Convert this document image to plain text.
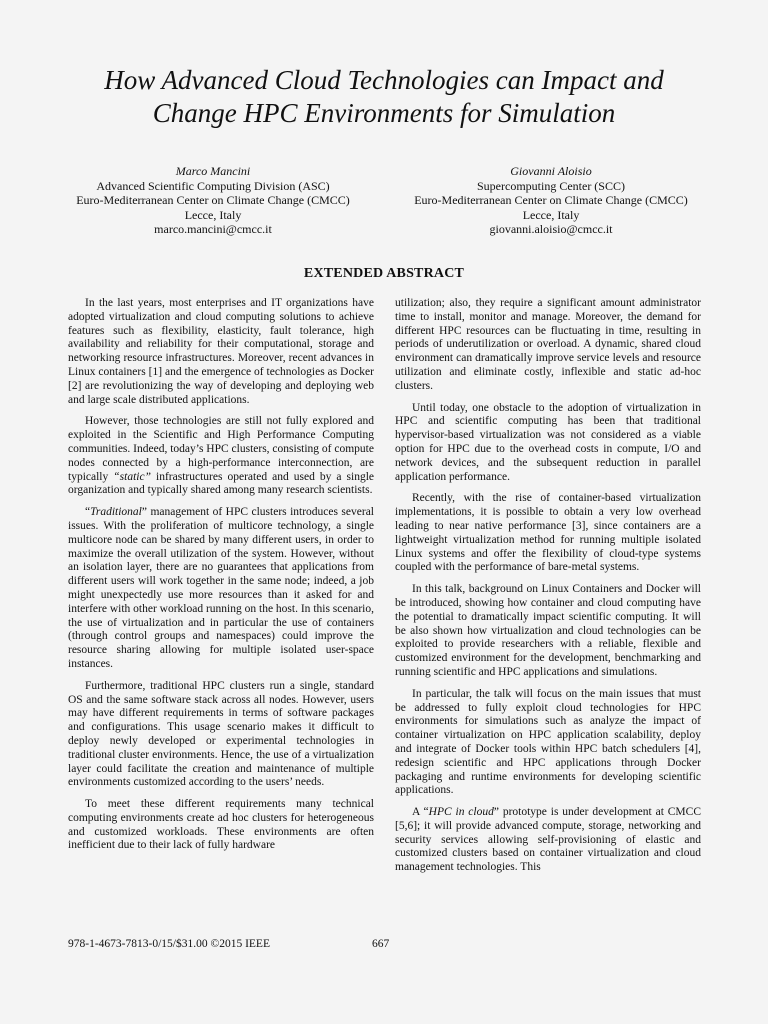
How Advanced Cloud Technologies can Impact and Change HPC Environments for Simulation
Marco Mancini
Advanced Scientific Computing Division (ASC)
Euro-Mediterranean Center on Climate Change (CMCC)
Lecce, Italy
marco.mancini@cmcc.it
Giovanni Aloisio
Supercomputing Center (SCC)
Euro-Mediterranean Center on Climate Change (CMCC)
Lecce, Italy
giovanni.aloisio@cmcc.it
EXTENDED ABSTRACT

In the last years, most enterprises and IT organizations have adopted virtualization and cloud computing solutions to achieve features such as flexibility, elasticity, fault tolerance, high availability and reliability for their computational, storage and networking resource infrastructures. Moreover, recent advances in Linux containers [1] and the emergence of technologies as Docker [2] are revolutionizing the way of developing and deploying web and large scale distributed applications.

However, those technologies are still not fully explored and exploited in the Scientific and High Performance Computing communities. Indeed, today’s HPC clusters, consisting of compute nodes connected by a high-performance interconnection, are typically “static” infrastructures operated and used by a single organization and typically shared among many research scientists.

“Traditional” management of HPC clusters introduces several issues. With the proliferation of multicore technology, a single multicore node can be shared by many different users, in order to maximize the overall utilization of the system. However, without an isolation layer, there are no guarantees that applications from different users will work together in the same node; indeed, a job might unexpectedly use more resources than it asked for and interfere with other workload running on the host. In this scenario, the use of virtualization and in particular the use of containers (through control groups and namespaces) could improve the resource sharing allowing for multiple isolated user-space instances.

Furthermore, traditional HPC clusters run a single, standard OS and the same software stack across all nodes. However, users may have different requirements in terms of software packages and configurations. This usage scenario makes it difficult to deploy newly developed or experimental technologies in traditional cluster environments. Hence, the use of a virtualization layer could facilitate the creation and maintenance of multiple environments customized according to the users’ needs.

To meet these different requirements many technical computing environments create ad hoc clusters for heterogeneous and customized workloads. These environments are often inefficient due to their lack of fully hardware

utilization; also, they require a significant amount administrator time to install, monitor and manage. Moreover, the demand for different HPC resources can be fluctuating in time, resulting in periods of underutilization or overload. A dynamic, shared cloud environment can dramatically improve service levels and resource utilization and eliminate costly, inflexible and static ad-hoc clusters.

Until today, one obstacle to the adoption of virtualization in HPC and scientific computing has been that traditional hypervisor-based virtualization was not considered as a viable option for HPC due to the overhead costs in compute, I/O and network devices, and the subsequent reduction in parallel application performance.

Recently, with the rise of container-based virtualization implementations, it is possible to obtain a very low overhead leading to near native performance [3], since containers are a lightweight virtualization method for running multiple isolated Linux systems and offer the flexibility of cloud-type systems coupled with the performance of bare-metal systems.

In this talk, background on Linux Containers and Docker will be introduced, showing how container and cloud computing have the potential to dramatically impact scientific computing. It will be also shown how virtualization and cloud technologies can be exploited to provide researchers with a reliable, flexible and customized environment for the development, benchmarking and running scientific and HPC applications and simulations.

In particular, the talk will focus on the main issues that must be addressed to fully exploit cloud technologies for HPC environments for simulations such as analyze the impact of container virtualization on HPC application scalability, deploy and integrate of Docker tools within HPC batch schedulers [4], redesign scientific and HPC applications through Docker packaging and runtime environments for developing scientific applications.

A “HPC in cloud” prototype is under development at CMCC [5,6]; it will provide advanced compute, storage, networking and security services allowing self-provisioning of elastic and customized clusters based on container virtualization and cloud management technologies. This

978-1-4673-7813-0/15/$31.00 ©2015 IEEE	667
